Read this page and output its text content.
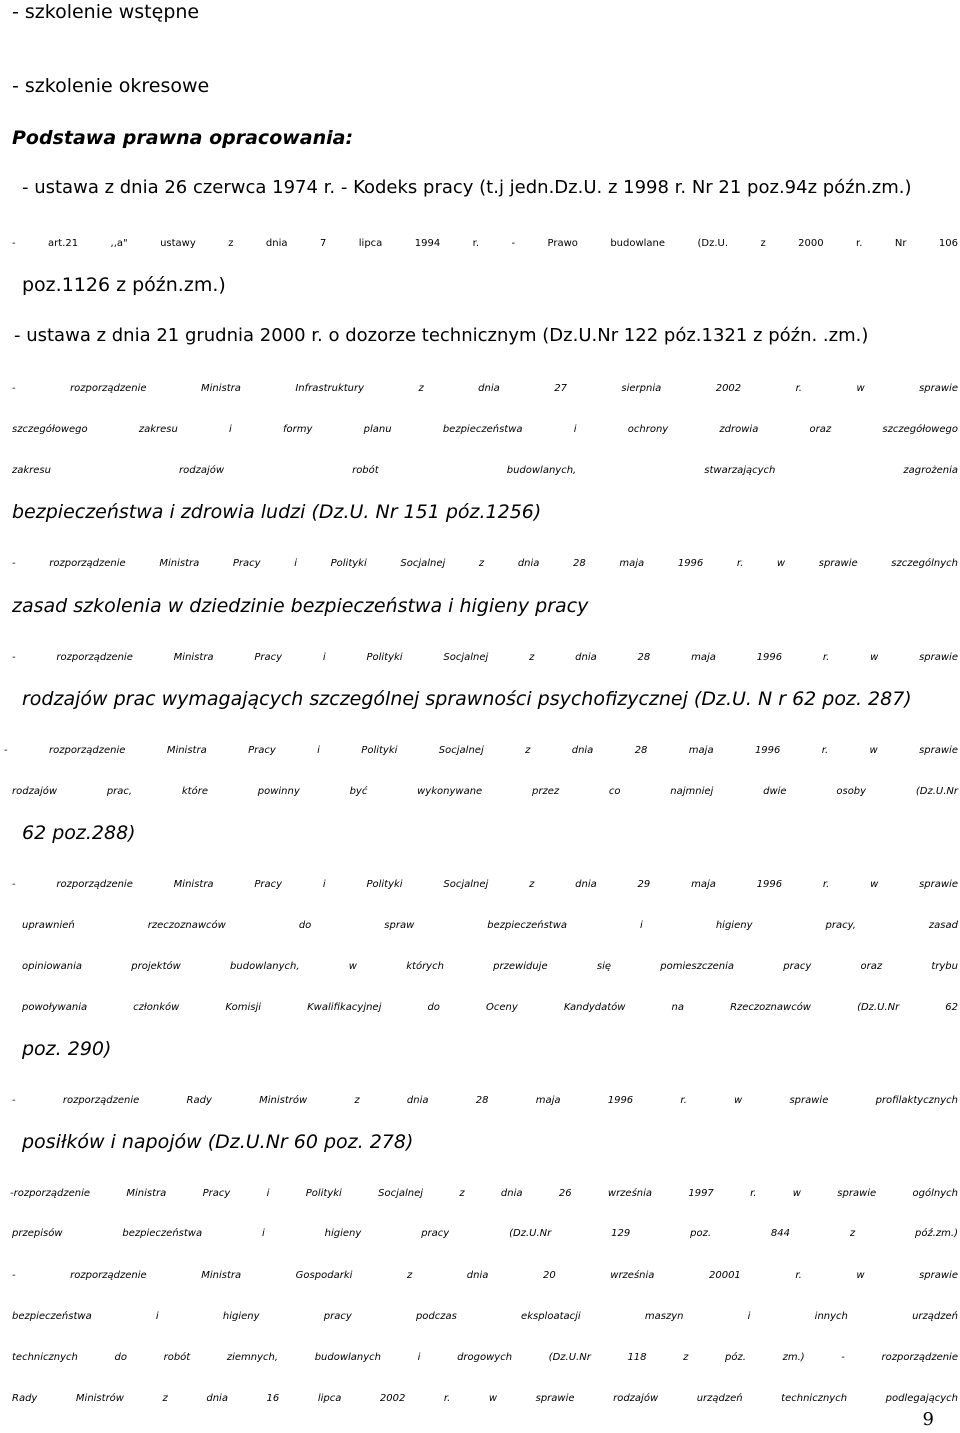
- szkolenie wstępne
- szkolenie okresowe
Podstawa prawna opracowania:
- ustawa z dnia 26 czerwca 1974 r. - Kodeks pracy (t.j jedn.Dz.U. z 1998 r. Nr 21 poz.94z późn.zm.)
- art.21 ,,a" ustawy z dnia 7 lipca 1994 r. - Prawo budowlane (Dz.U. z 2000 r. Nr 106
poz.1126 z późn.zm.)
- ustawa z dnia 21 grudnia 2000 r. o dozorze technicznym (Dz.U.Nr 122 póz.1321 z późn. .zm.)
- rozporządzenie Ministra Infrastruktury z dnia 27 sierpnia 2002 r. w sprawie
szczegółowego zakresu i formy planu bezpieczeństwa i ochrony zdrowia oraz szczegółowego
zakresu rodzajów robót budowlanych, stwarzających zagrożenia
bezpieczeństwa i zdrowia ludzi (Dz.U. Nr 151 póz.1256)
- rozporządzenie Ministra Pracy i Polityki Socjalnej z dnia 28 maja 1996 r. w sprawie szczególnych
zasad szkolenia w dziedzinie bezpieczeństwa i higieny pracy
- rozporządzenie Ministra Pracy i Polityki Socjalnej z dnia 28 maja 1996 r. w sprawie
rodzajów prac wymagających szczególnej sprawności psychofizycznej (Dz.U. N r 62 poz. 287)
- rozporządzenie Ministra Pracy i Polityki Socjalnej z dnia 28 maja 1996 r. w sprawie
rodzajów prac, które powinny być wykonywane przez co najmniej dwie osoby (Dz.U.Nr
62 poz.288)
- rozporządzenie Ministra Pracy i Polityki Socjalnej z dnia 29 maja 1996 r. w sprawie
uprawnień rzeczoznawców do spraw bezpieczeństwa i higieny pracy, zasad
opiniowania projektów budowlanych, w których przewiduje się pomieszczenia pracy oraz trybu
powoływania członków Komisji Kwalifikacyjnej do Oceny Kandydatów na Rzeczoznawców (Dz.U.Nr 62
poz. 290)
- rozporządzenie Rady Ministrów z dnia 28 maja 1996 r. w sprawie profilaktycznych
posiłków i napojów (Dz.U.Nr 60 poz. 278)
-rozporządzenie Ministra Pracy i Polityki Socjalnej z dnia 26 września 1997 r. w sprawie ogólnych
przepisów bezpieczeństwa i higieny pracy (Dz.U.Nr 129 poz. 844 z póź.zm.)
- rozporządzenie Ministra Gospodarki z dnia 20 września 20001 r. w sprawie
bezpieczeństwa i higieny pracy podczas eksploatacji maszyn i innych urządzeń
technicznych do robót ziemnych, budowlanych i drogowych (Dz.U.Nr 118 z póz. zm.) - rozporządzenie
Rady Ministrów z dnia 16 lipca 2002 r. w sprawie rodzajów urządzeń technicznych podlegających
9
